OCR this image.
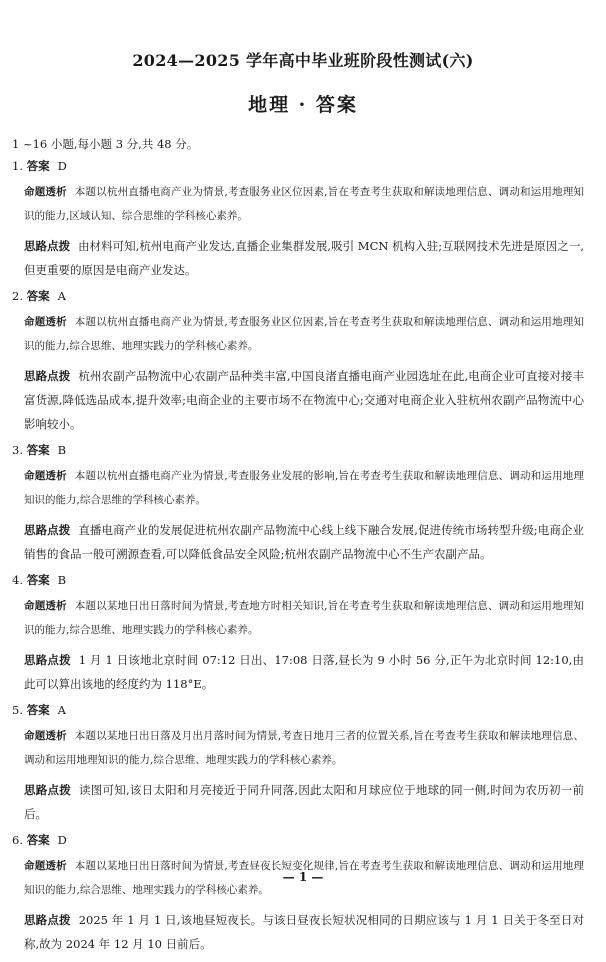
2024—2025 学年高中毕业班阶段性测试(六)
地理 · 答案
1 ~16 小题,每小题 3 分,共 48 分。
1. 答案 D
命题透析 本题以杭州直播电商产业为情景,考查服务业区位因素,旨在考查考生获取和解读地理信息、调动和运用地理知识的能力,区域认知、综合思维的学科核心素养。
思路点拨 由材料可知,杭州电商产业发达,直播企业集群发展,吸引 MCN 机构入驻;互联网技术先进是原因之一,但更重要的原因是电商产业发达。
2. 答案 A
命题透析 本题以杭州直播电商产业为情景,考查服务业区位因素,旨在考查考生获取和解读地理信息、调动和运用地理知识的能力,综合思维、地理实践力的学科核心素养。
思路点拨 杭州农副产品物流中心农副产品种类丰富,中国良渚直播电商产业园选址在此,电商企业可直接对接丰富货源,降低选品成本,提升效率;电商企业的主要市场不在物流中心;交通对电商企业入驻杭州农副产品物流中心影响较小。
3. 答案 B
命题透析 本题以杭州直播电商产业为情景,考查服务业发展的影响,旨在考查考生获取和解读地理信息、调动和运用地理知识的能力,综合思维的学科核心素养。
思路点拨 直播电商产业的发展促进杭州农副产品物流中心线上线下融合发展,促进传统市场转型升级;电商企业销售的食品一般可溯源查看,可以降低食品安全风险;杭州农副产品物流中心不生产农副产品。
4. 答案 B
命题透析 本题以某地日出日落时间为情景,考查地方时相关知识,旨在考查考生获取和解读地理信息、调动和运用地理知识的能力,综合思维、地理实践力的学科核心素养。
思路点拨 1 月 1 日该地北京时间 07:12 日出、17:08 日落,昼长为 9 小时 56 分,正午为北京时间 12:10,由此可以算出该地的经度约为 118°E。
5. 答案 A
命题透析 本题以某地日出日落及月出月落时间为情景,考查日地月三者的位置关系,旨在考查考生获取和解读地理信息、调动和运用地理知识的能力,综合思维、地理实践力的学科核心素养。
思路点拨 读图可知,该日太阳和月亮接近于同升同落,因此太阳和月球应位于地球的同一侧,时间为农历初一前后。
6. 答案 D
命题透析 本题以某地日出日落时间为情景,考查昼夜长短变化规律,旨在考查考生获取和解读地理信息、调动和运用地理知识的能力,综合思维、地理实践力的学科核心素养。
思路点拨 2025 年 1 月 1 日,该地昼短夜长。与该日昼夜长短状况相同的日期应该与 1 月 1 日关于冬至日对称,故为 2024 年 12 月 10 日前后。
— 1 —
